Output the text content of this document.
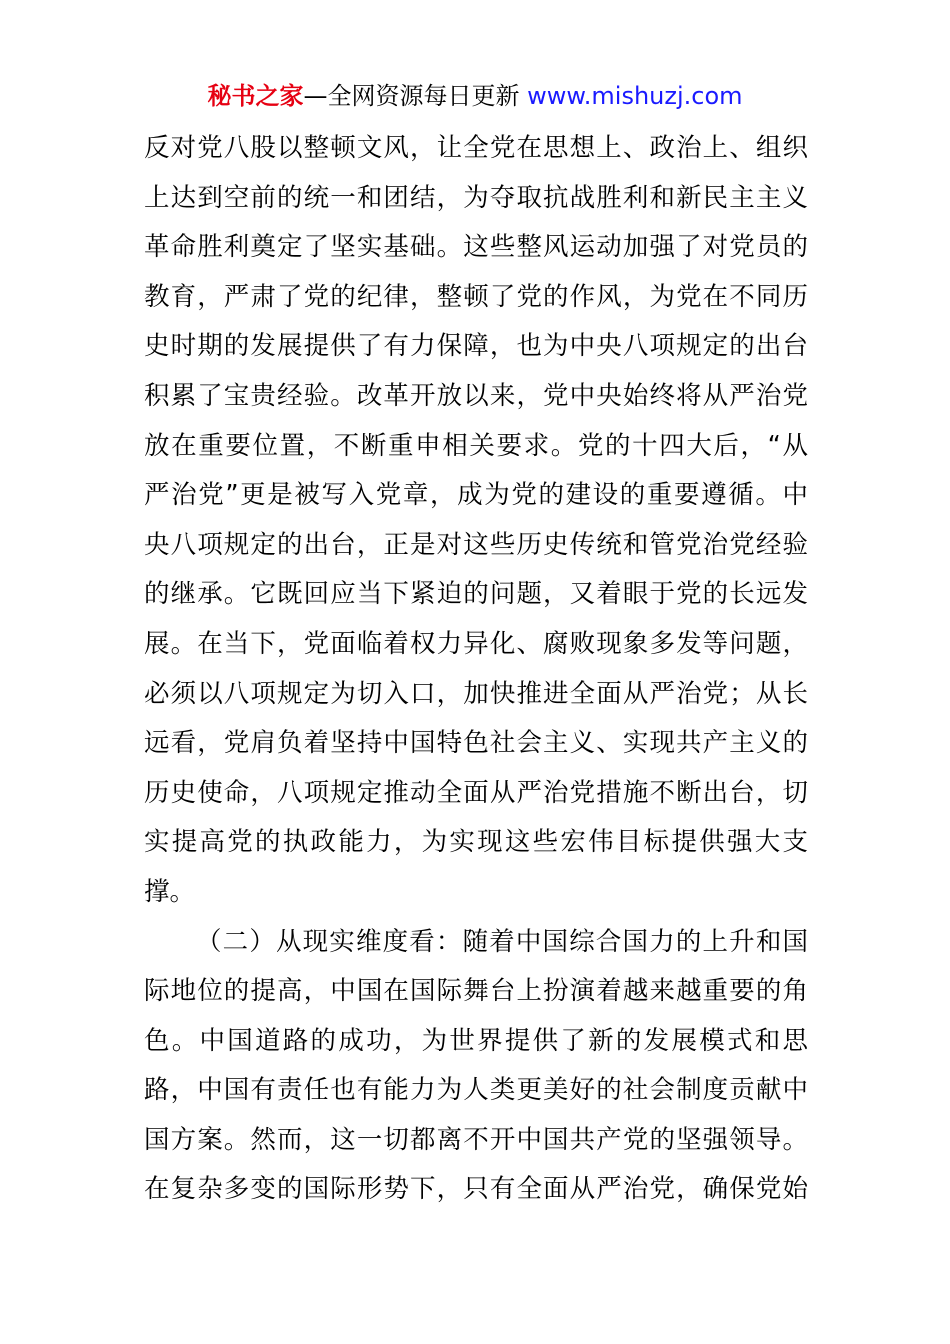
秘书之家—全网资源每日更新 www.mishuzj.com
反对党八股以整顿文风，让全党在思想上、政治上、组织
上达到空前的统一和团结，为夺取抗战胜利和新民主主义
革命胜利奠定了坚实基础。这些整风运动加强了对党员的
教育，严肃了党的纪律，整顿了党的作风，为党在不同历
史时期的发展提供了有力保障，也为中央八项规定的出台
积累了宝贵经验。改革开放以来，党中央始终将从严治党
放在重要位置，不断重申相关要求。党的十四大后，“从
严治党”更是被写入党章，成为党的建设的重要遵循。中
央八项规定的出台，正是对这些历史传统和管党治党经验
的继承。它既回应当下紧迫的问题，又着眼于党的长远发
展。在当下，党面临着权力异化、腐败现象多发等问题，
必须以八项规定为切入口，加快推进全面从严治党；从长
远看，党肩负着坚持中国特色社会主义、实现共产主义的
历史使命，八项规定推动全面从严治党措施不断出台，切
实提高党的执政能力，为实现这些宏伟目标提供强大支
撑。
（二）从现实维度看：随着中国综合国力的上升和国
际地位的提高，中国在国际舞台上扮演着越来越重要的角
色。中国道路的成功，为世界提供了新的发展模式和思
路，中国有责任也有能力为人类更美好的社会制度贡献中
国方案。然而，这一切都离不开中国共产党的坚强领导。
在复杂多变的国际形势下，只有全面从严治党，确保党始
